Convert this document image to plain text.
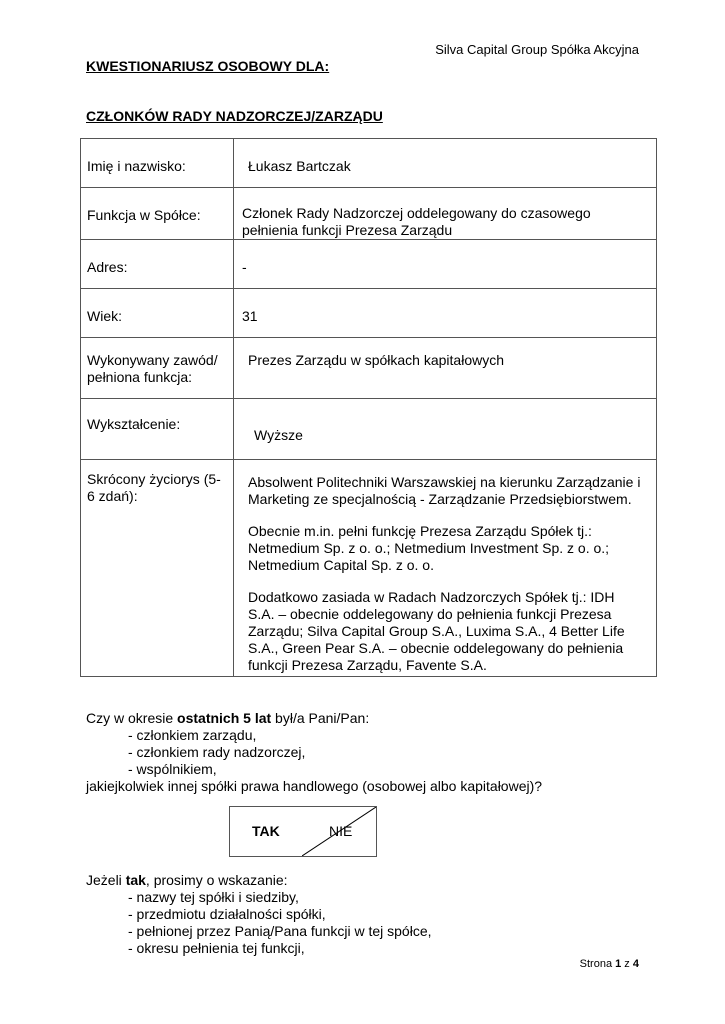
Silva Capital Group Spółka Akcyjna
KWESTIONARIUSZ OSOBOWY DLA:
CZŁONKÓW RADY NADZORCZEJ/ZARZĄDU
Imię i nazwisko:	Łukasz Bartczak
Funkcja w Spółce:	Członek Rady Nadzorczej oddelegowany do czasowego pełnienia funkcji Prezesa Zarządu
Adres:	-
Wiek:	31
Wykonywany zawód/ pełniona funkcja:	Prezes Zarządu w spółkach kapitałowych
Wykształcenie:	Wyższe
Skrócony życiorys (5-6 zdań):	Absolwent Politechniki Warszawskiej na kierunku Zarządzanie i Marketing ze specjalnością - Zarządzanie Przedsiębiorstwem.

Obecnie m.in. pełni funkcję Prezesa Zarządu Spółek tj.: Netmedium Sp. z o. o.; Netmedium Investment Sp. z o. o.; Netmedium Capital Sp. z o. o.

Dodatkowo zasiada w Radach Nadzorczych Spółek tj.: IDH S.A. – obecnie oddelegowany do pełnienia funkcji Prezesa Zarządu; Silva Capital Group S.A., Luxima S.A., 4 Better Life S.A., Green Pear S.A. – obecnie oddelegowany do pełnienia funkcji Prezesa Zarządu, Favente S.A.

Czy w okresie ostatnich 5 lat był/a Pani/Pan:
- członkiem zarządu,
- członkiem rady nadzorczej,
- wspólnikiem,
jakiejkolwiek innej spółki prawa handlowego (osobowej albo kapitałowej)?
TAK	NIE
Jeżeli tak, prosimy o wskazanie:
- nazwy tej spółki i siedziby,
- przedmiotu działalności spółki,
- pełnionej przez Panią/Pana funkcji w tej spółce,
- okresu pełnienia tej funkcji,
Strona 1 z 4
